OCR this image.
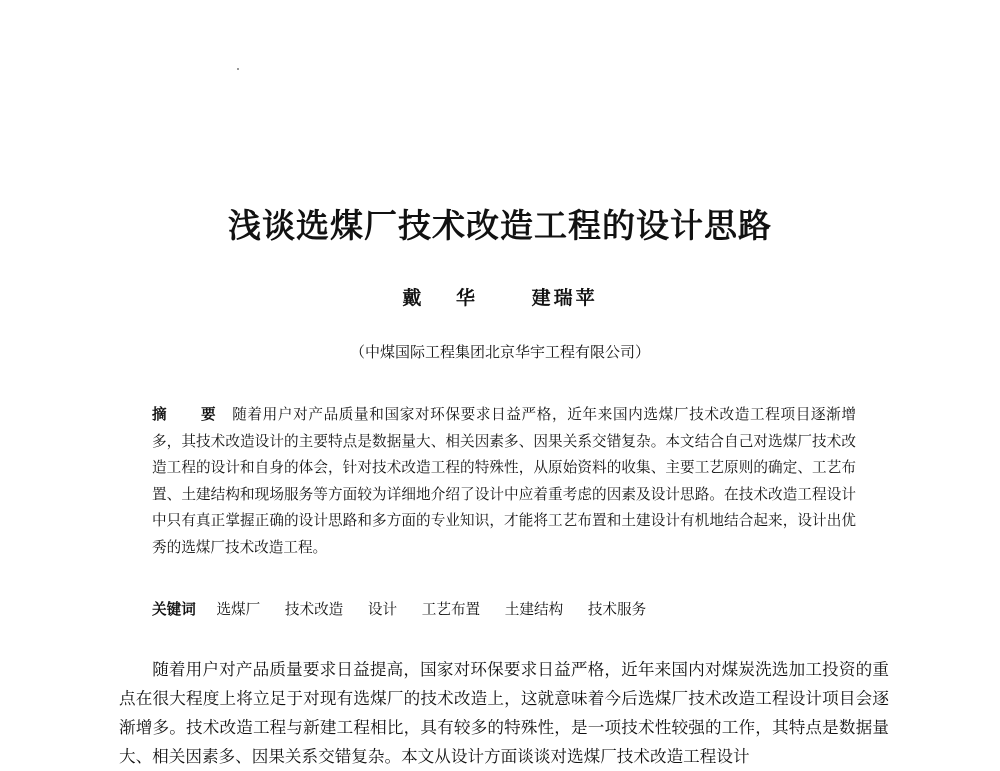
浅谈选煤厂技术改造工程的设计思路
戴 华 建瑞苹
（中煤国际工程集团北京华宇工程有限公司）
摘 要 随着用户对产品质量和国家对环保要求日益严格，近年来国内选煤厂技术改造工程项目逐渐增多，其技术改造设计的主要特点是数据量大、相关因素多、因果关系交错复杂。本文结合自己对选煤厂技术改造工程的设计和自身的体会，针对技术改造工程的特殊性，从原始资料的收集、主要工艺原则的确定、工艺布置、土建结构和现场服务等方面较为详细地介绍了设计中应着重考虑的因素及设计思路。在技术改造工程设计中只有真正掌握正确的设计思路和多方面的专业知识，才能将工艺布置和土建设计有机地结合起来，设计出优秀的选煤厂技术改造工程。
关键词 选煤厂 技术改造 设计 工艺布置 土建结构 技术服务

随着用户对产品质量要求日益提高，国家对环保要求日益严格，近年来国内对煤炭洗选加工投资的重点在很大程度上将立足于对现有选煤厂的技术改造上，这就意味着今后选煤厂技术改造工程设计项目会逐渐增多。技术改造工程与新建工程相比，具有较多的特殊性，是一项技术性较强的工作，其特点是数据量大、相关因素多、因果关系交错复杂。本文从设计方面谈谈对选煤厂技术改造工程设计
